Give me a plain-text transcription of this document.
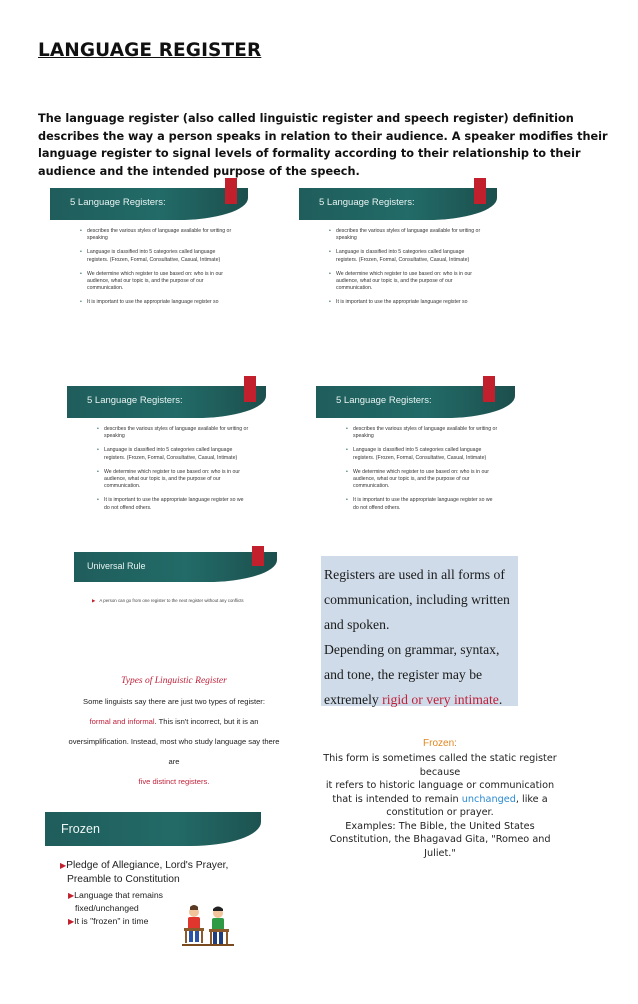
LANGUAGE REGISTER

The language register (also called linguistic register and speech register) definition describes the way a person speaks in relation to their audience. A speaker modifies their language register to signal levels of formality according to their relationship to their audience and the intended purpose of the speech.

5 Language Registers:
• describes the various styles of language available for writing or speaking
• Language is classified into 5 categories called language registers. (Frozen, Formal, Consultative, Casual, Intimate)
• We determine which register to use based on: who is in our audience, what our topic is, and the purpose of our communication.
• It is important to use the appropriate language register so
5 Language Registers:
• describes the various styles of language available for writing or speaking
• Language is classified into 5 categories called language registers. (Frozen, Formal, Consultative, Casual, Intimate)
• We determine which register to use based on: who is in our audience, what our topic is, and the purpose of our communication.
• It is important to use the appropriate language register so
5 Language Registers:
• describes the various styles of language available for writing or speaking
• Language is classified into 5 categories called language registers. (Frozen, Formal, Consultative, Casual, Intimate)
• We determine which register to use based on: who is in our audience, what our topic is, and the purpose of our communication.
• It is important to use the appropriate language register so we do not offend others.
5 Language Registers:
• describes the various styles of language available for writing or speaking
• Language is classified into 5 categories called language registers. (Frozen, Formal, Consultative, Casual, Intimate)
• We determine which register to use based on: who is in our audience, what our topic is, and the purpose of our communication.
• It is important to use the appropriate language register so we do not offend others.
Universal Rule
▶ A person can go from one register to the next register without any conflicts

Registers are used in all forms of

communication, including written

and spoken.

Depending on grammar, syntax,

and tone, the register may be

extremely rigid or very intimate.

Types of Linguistic Register
Some linguists say there are just two types of register:
formal and informal. This isn't incorrect, but it is an
oversimplification. Instead, most who study language say there
are
five distinct registers.
Frozen:
This form is sometimes called the static register
because
it refers to historic language or communication
that is intended to remain unchanged, like a
constitution or prayer.
Examples: The Bible, the United States
Constitution, the Bhagavad Gita, "Romeo and
Juliet."
Frozen
▶Pledge of Allegiance, Lord's Prayer,
Preamble to Constitution
▶Language that remains
fixed/unchanged
▶It is "frozen" in time
